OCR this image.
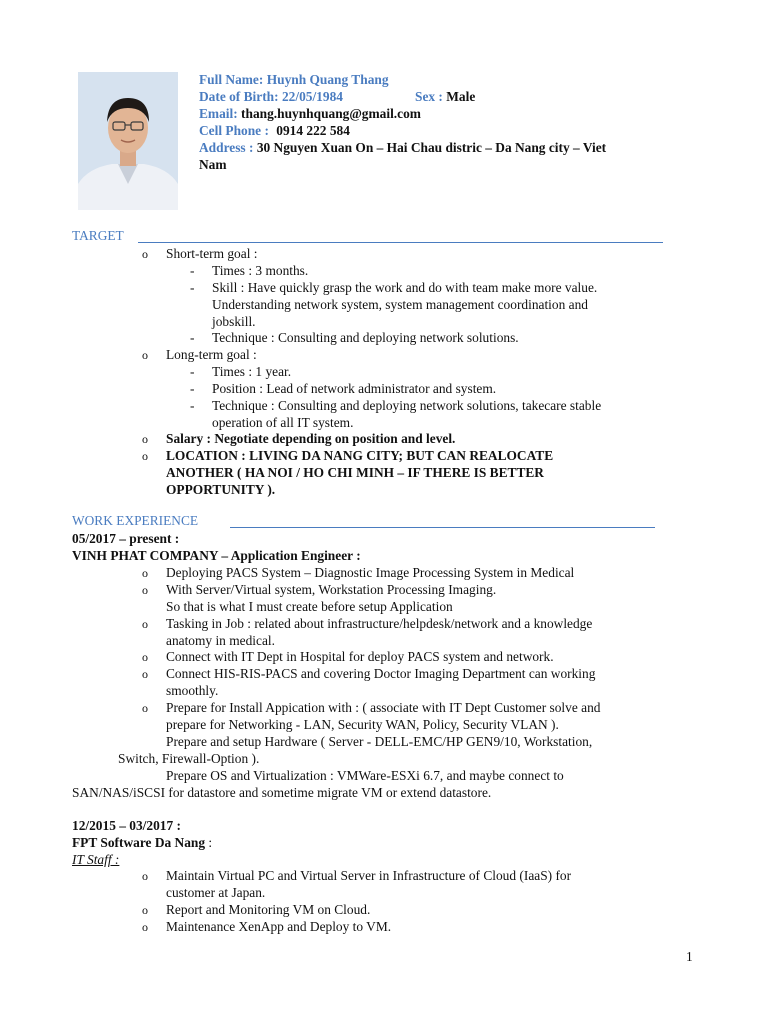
Full Name: Huynh Quang Thang
Date of Birth: 22/05/1984	Sex : Male
Email: thang.huynhquang@gmail.com
Cell Phone : 0914 222 584
Address : 30 Nguyen Xuan On – Hai Chau distric – Da Nang city – Viet
Nam
TARGET
o Short-term goal :
- Times : 3 months.
- Skill : Have quickly grasp the work and do with team make more value.
Understanding network system, system management coordination and
jobskill.
- Technique : Consulting and deploying network solutions.
o Long-term goal :
- Times : 1 year.
- Position : Lead of network administrator and system.
- Technique : Consulting and deploying network solutions, takecare stable
operation of all IT system.
o Salary : Negotiate depending on position and level.
o LOCATION : LIVING DA NANG CITY; BUT CAN REALOCATE
ANOTHER ( HA NOI / HO CHI MINH – IF THERE IS BETTER
OPPORTUNITY ).
WORK EXPERIENCE
05/2017 – present :
VINH PHAT COMPANY – Application Engineer :
o Deploying PACS System – Diagnostic Image Processing System in Medical
o With Server/Virtual system, Workstation Processing Imaging.
So that is what I must create before setup Application
o Tasking in Job : related about infrastructure/helpdesk/network and a knowledge
anatomy in medical.
o Connect with IT Dept in Hospital for deploy PACS system and network.
o Connect HIS-RIS-PACS and covering Doctor Imaging Department can working
smoothly.
o Prepare for Install Appication with : ( associate with IT Dept Customer solve and
prepare for Networking - LAN, Security WAN, Policy, Security VLAN ).
Prepare and setup Hardware ( Server - DELL-EMC/HP GEN9/10, Workstation,
Switch, Firewall-Option ).
Prepare OS and Virtualization : VMWare-ESXi 6.7, and maybe connect to
SAN/NAS/iSCSI for datastore and sometime migrate VM or extend datastore.
12/2015 – 03/2017 :
FPT Software Da Nang :
IT Staff :
o Maintain Virtual PC and Virtual Server in Infrastructure of Cloud (IaaS) for
customer at Japan.
o Report and Monitoring VM on Cloud.
o Maintenance XenApp and Deploy to VM.
1
